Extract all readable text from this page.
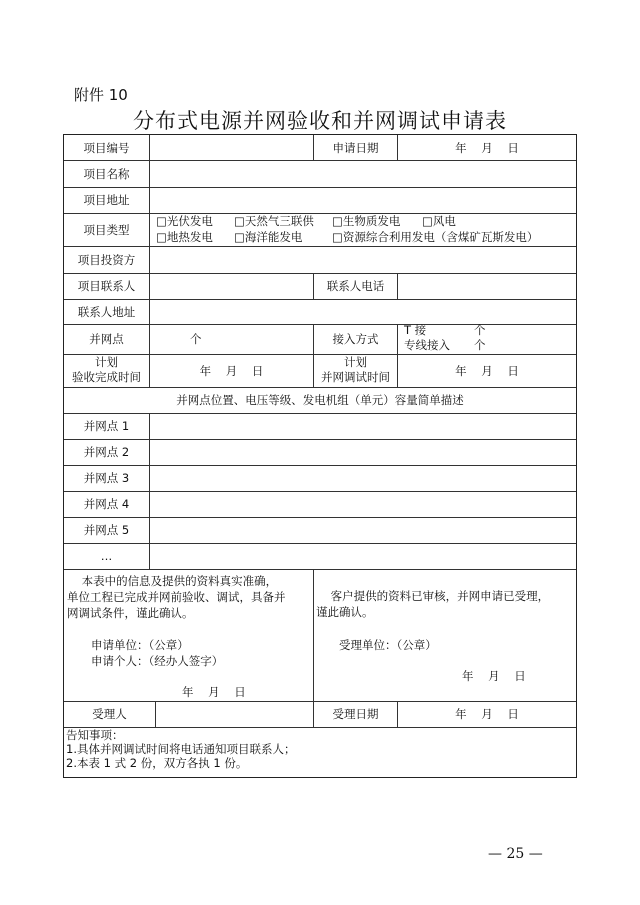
附件 10
分布式电源并网验收和并网调试申请表
项目编号	申请日期	年    月    日
项目名称
项目地址
项目类型
□光伏发电 □天然气三联供 □生物质发电 □风电
□地热发电 □海洋能发电	□资源综合利用发电（含煤矿瓦斯发电）
项目投资方
项目联系人	联系人电话
联系人地址
并网点	个	接入方式
T 接	个
专线接入 个
计划
验收完成时间	年    月    日
计划
并网调试时间	年    月    日
并网点位置、电压等级、发电机组（单元）容量简单描述
并网点 1
并网点 2
并网点 3
并网点 4
并网点 5
…
本表中的信息及提供的资料真实准确，
单位工程已完成并网前验收、调试，具备并
网调试条件，谨此确认。
申请单位：（公章）
申请个人：（经办人签字）
年    月    日
客户提供的资料已审核，并网申请已受理，
谨此确认。
受理单位：（公章）
年    月    日
受理人	受理日期	年    月    日
告知事项：
1.具体并网调试时间将电话通知项目联系人；
2.本表 1 式 2 份，双方各执 1 份。
— 25 —
